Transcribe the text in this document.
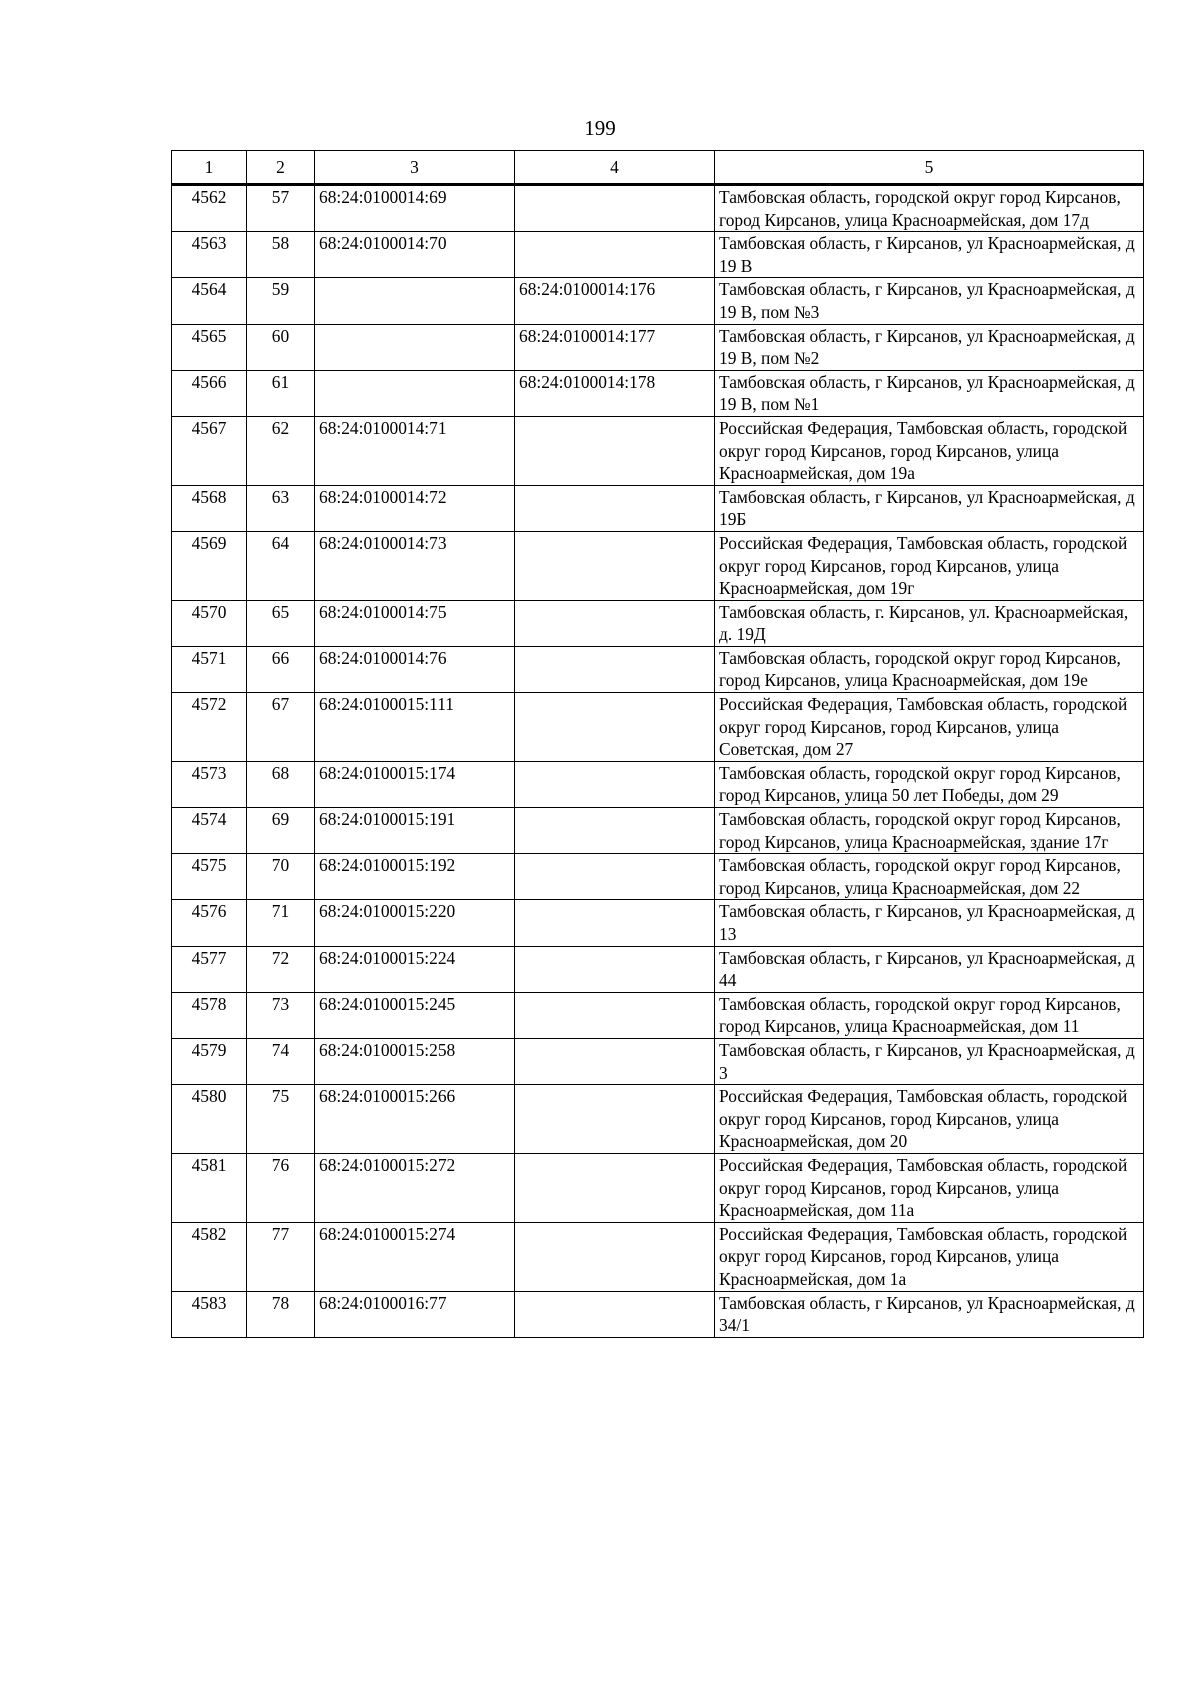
199
1	2	3	4	5
4562	57	68:24:0100014:69		Тамбовская область, городской округ город Кирсанов, город Кирсанов, улица Красноармейская, дом 17д
4563	58	68:24:0100014:70		Тамбовская область, г Кирсанов, ул Красноармейская, д 19 В
4564	59		68:24:0100014:176	Тамбовская область, г Кирсанов, ул Красноармейская, д 19 В, пом №3
4565	60		68:24:0100014:177	Тамбовская область, г Кирсанов, ул Красноармейская, д 19 В, пом №2
4566	61		68:24:0100014:178	Тамбовская область, г Кирсанов, ул Красноармейская, д 19 В, пом №1
4567	62	68:24:0100014:71		Российская Федерация, Тамбовская область, городской округ город Кирсанов, город Кирсанов, улица Красноармейская, дом 19а
4568	63	68:24:0100014:72		Тамбовская область, г Кирсанов, ул Красноармейская, д 19Б
4569	64	68:24:0100014:73		Российская Федерация, Тамбовская область, городской округ город Кирсанов, город Кирсанов, улица Красноармейская, дом 19г
4570	65	68:24:0100014:75		Тамбовская область, г. Кирсанов, ул. Красноармейская, д. 19Д
4571	66	68:24:0100014:76		Тамбовская область, городской округ город Кирсанов, город Кирсанов, улица Красноармейская, дом 19е
4572	67	68:24:0100015:111		Российская Федерация, Тамбовская область, городской округ город Кирсанов, город Кирсанов, улица Советская, дом 27
4573	68	68:24:0100015:174		Тамбовская область, городской округ город Кирсанов, город Кирсанов, улица 50 лет Победы, дом 29
4574	69	68:24:0100015:191		Тамбовская область, городской округ город Кирсанов, город Кирсанов, улица Красноармейская, здание 17г
4575	70	68:24:0100015:192		Тамбовская область, городской округ город Кирсанов, город Кирсанов, улица Красноармейская, дом 22
4576	71	68:24:0100015:220		Тамбовская область, г Кирсанов, ул Красноармейская, д 13
4577	72	68:24:0100015:224		Тамбовская область, г Кирсанов, ул Красноармейская, д 44
4578	73	68:24:0100015:245		Тамбовская область, городской округ город Кирсанов, город Кирсанов, улица Красноармейская, дом 11
4579	74	68:24:0100015:258		Тамбовская область, г Кирсанов, ул Красноармейская, д 3
4580	75	68:24:0100015:266		Российская Федерация, Тамбовская область, городской округ город Кирсанов, город Кирсанов, улица Красноармейская, дом 20
4581	76	68:24:0100015:272		Российская Федерация, Тамбовская область, городской округ город Кирсанов, город Кирсанов, улица Красноармейская, дом 11а
4582	77	68:24:0100015:274		Российская Федерация, Тамбовская область, городской округ город Кирсанов, город Кирсанов, улица Красноармейская, дом 1а
4583	78	68:24:0100016:77		Тамбовская область, г Кирсанов, ул Красноармейская, д 34/1
